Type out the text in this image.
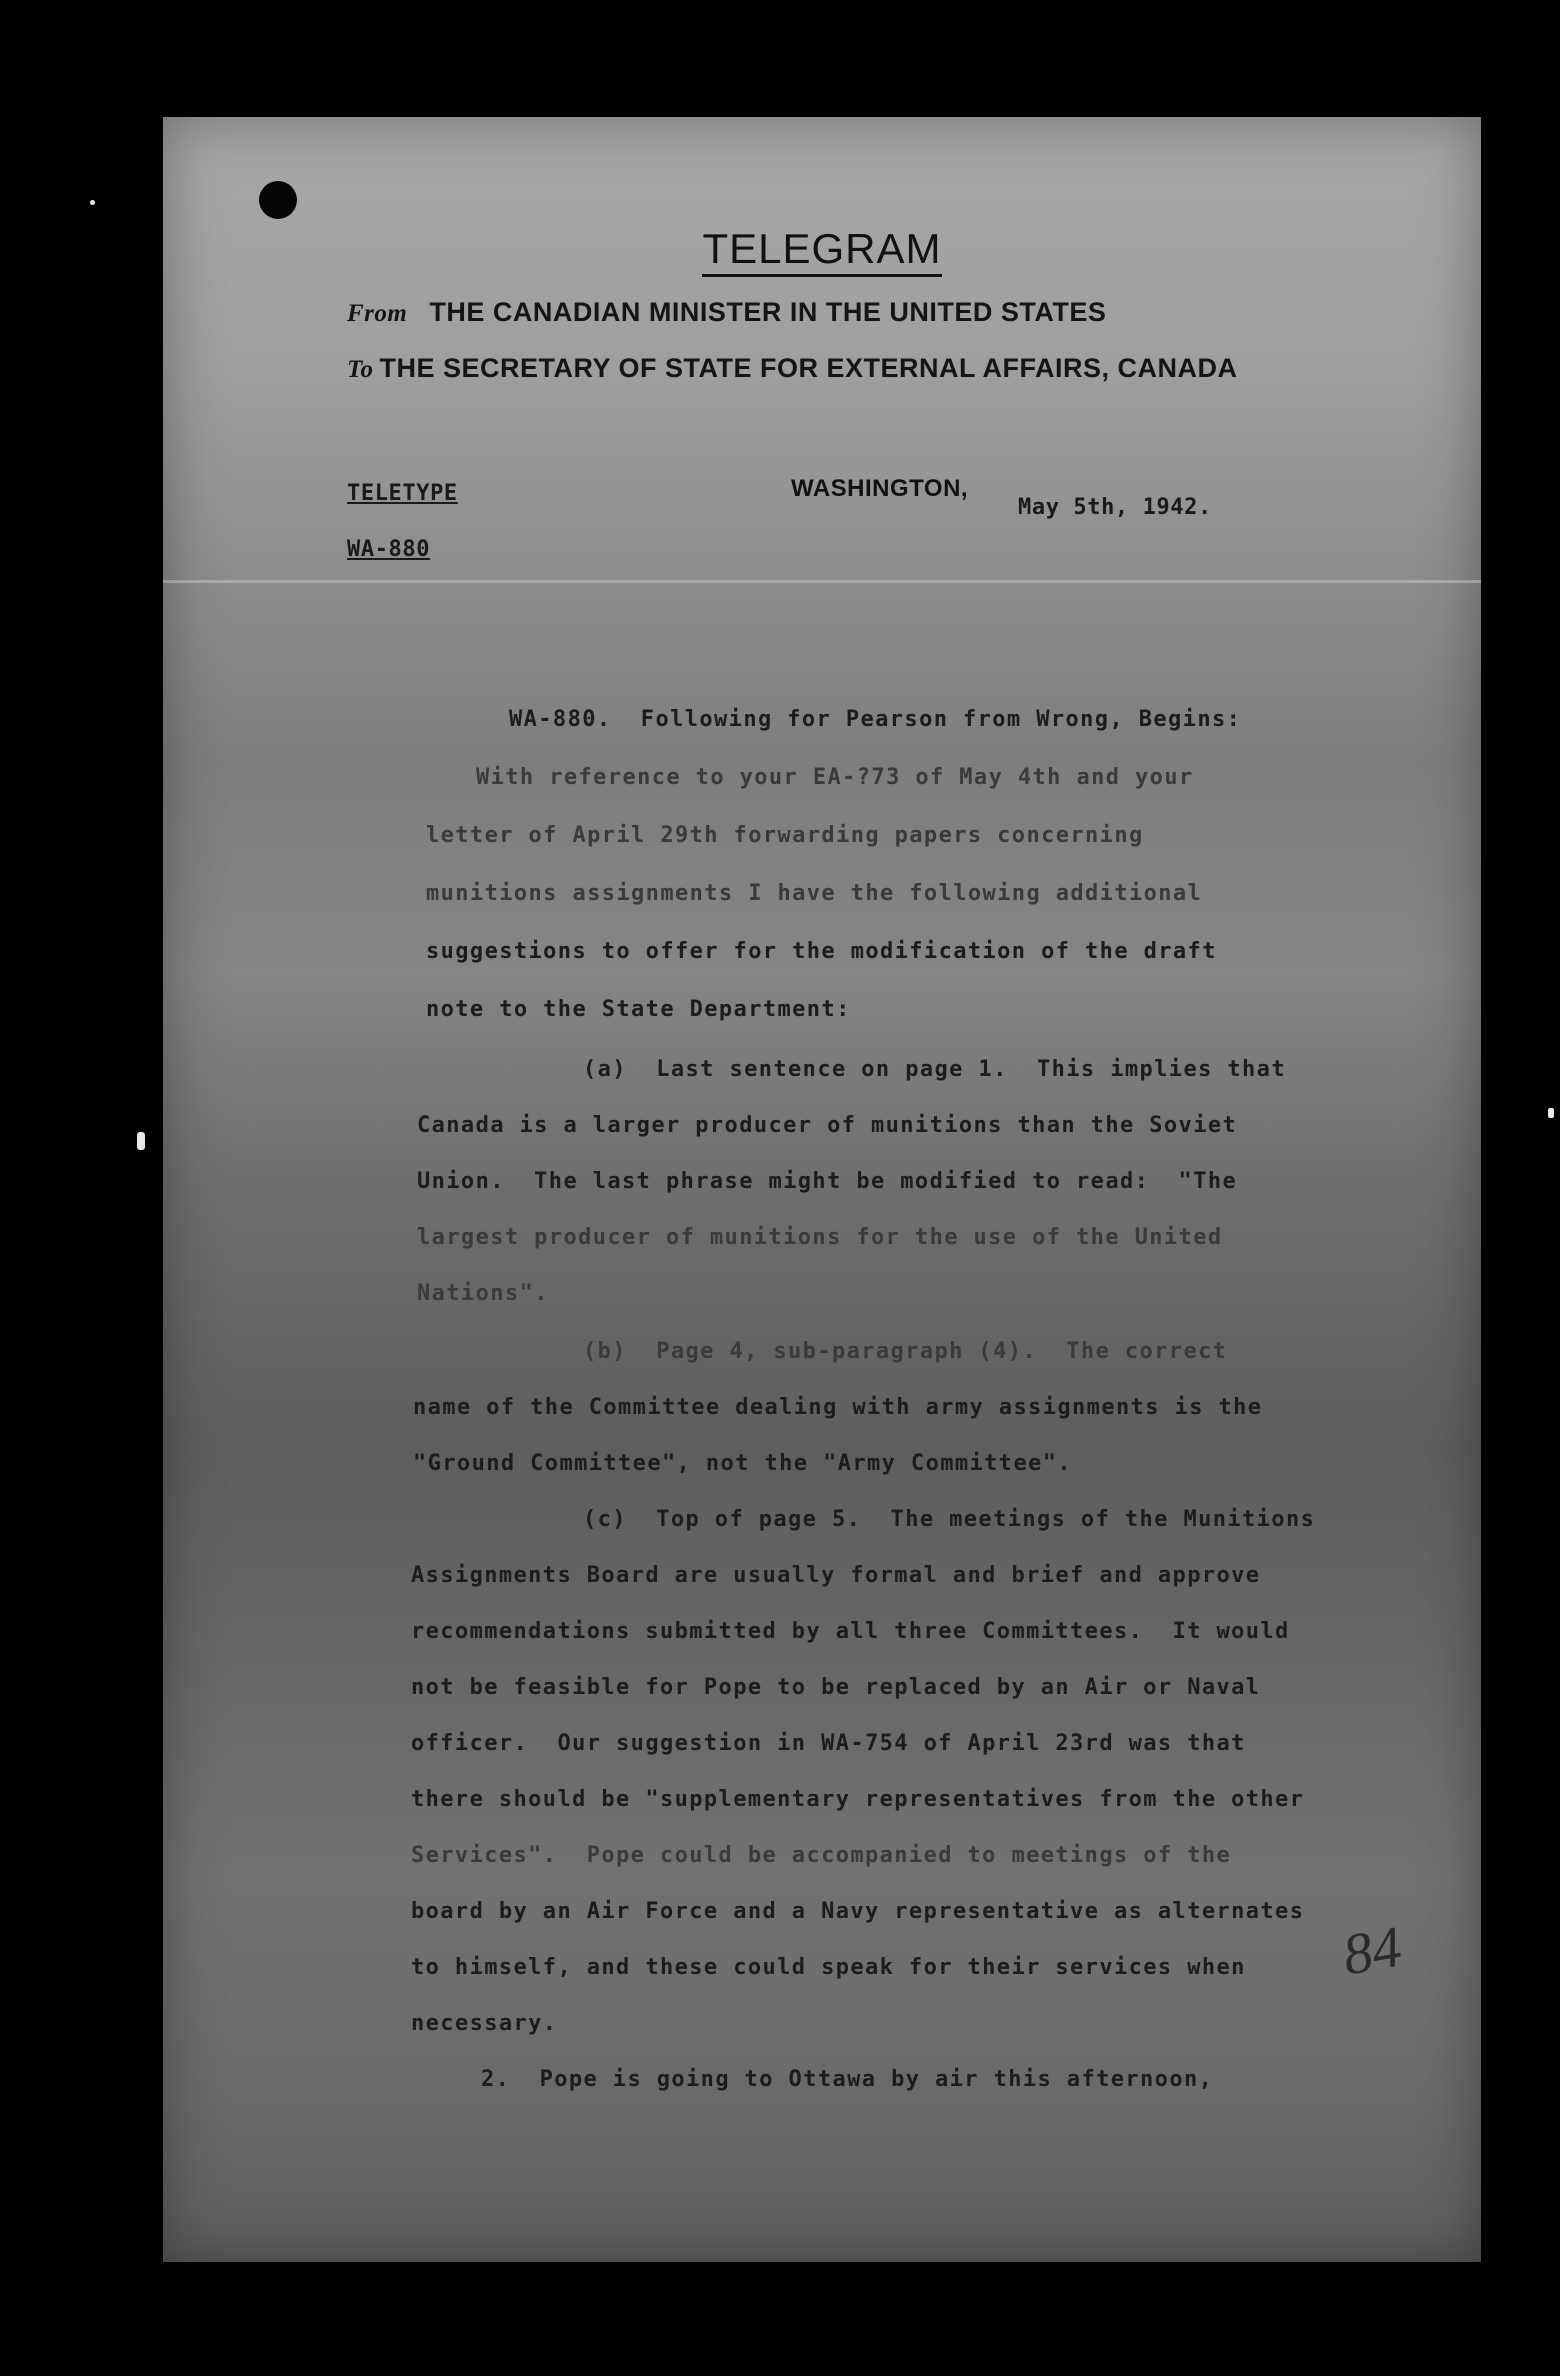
TELEGRAM
From THE CANADIAN MINISTER IN THE UNITED STATES
To THE SECRETARY OF STATE FOR EXTERNAL AFFAIRS, CANADA
TELETYPE
WA-880
WASHINGTON,
May 5th, 1942.
WA-880.  Following for Pearson from Wrong, Begins:
With reference to your EA-?73 of May 4th and your
letter of April 29th forwarding papers concerning
munitions assignments I have the following additional
suggestions to offer for the modification of the draft
note to the State Department:
(a)  Last sentence on page 1.  This implies that
Canada is a larger producer of munitions than the Soviet
Union.  The last phrase might be modified to read:  "The
largest producer of munitions for the use of the United
Nations".
(b)  Page 4, sub-paragraph (4).  The correct
name of the Committee dealing with army assignments is the
"Ground Committee", not the "Army Committee".
(c)  Top of page 5.  The meetings of the Munitions
Assignments Board are usually formal and brief and approve
recommendations submitted by all three Committees.  It would
not be feasible for Pope to be replaced by an Air or Naval
officer.  Our suggestion in WA-754 of April 23rd was that
there should be "supplementary representatives from the other
Services".  Pope could be accompanied to meetings of the
board by an Air Force and a Navy representative as alternates
to himself, and these could speak for their services when
necessary.
2.  Pope is going to Ottawa by air this afternoon,
84
